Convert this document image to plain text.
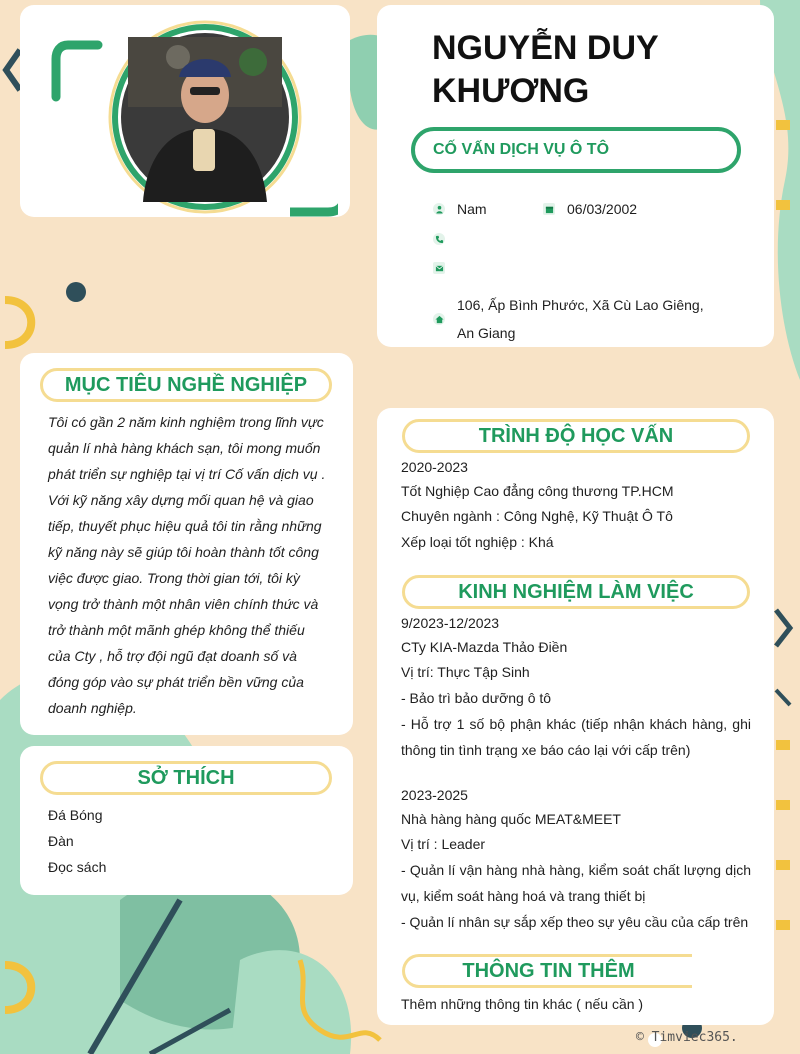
NGUYỄN DUY
KHƯƠNG
CỐ VẤN DỊCH VỤ Ô TÔ
Nam	06/03/2002
106, Ấp Bình Phước, Xã Cù Lao Giêng,
An Giang
MỤC TIÊU NGHỀ NGHIỆP
Tôi có gần 2 năm kinh nghiệm trong lĩnh vực
quản lí nhà hàng khách sạn, tôi mong muốn
phát triển sự nghiệp tại vị trí Cố vấn dịch vụ .
Với kỹ năng xây dựng mối quan hệ và giao
tiếp, thuyết phục hiệu quả tôi tin rằng những
kỹ năng này sẽ giúp tôi hoàn thành tốt công
việc được giao. Trong thời gian tới, tôi kỳ
vọng trở thành một nhân viên chính thức và
trở thành một mãnh ghép không thể thiếu
của Cty , hỗ trợ đội ngũ đạt doanh số và
đóng góp vào sự phát triển bền vững của
doanh nghiệp.
SỞ THÍCH
Đá Bóng
Đàn
Đọc sách
TRÌNH ĐỘ HỌC VẤN
2020-2023
Tốt Nghiệp Cao đẳng công thương TP.HCM
Chuyên ngành : Công Nghệ, Kỹ Thuật Ô Tô
Xếp loại tốt nghiệp : Khá
KINH NGHIỆM LÀM VIỆC
9/2023-12/2023
CTy KIA-Mazda Thảo Điền
Vị trí: Thực Tập Sinh
- Bảo trì bảo dưỡng ô tô
- Hỗ trợ 1 số bộ phận khác (tiếp nhận khách hàng, ghi
thông tin tình trạng xe báo cáo lại với cấp trên)
2023-2025
Nhà hàng hàng quốc MEAT&MEET
Vị trí : Leader
- Quản lí vận hàng nhà hàng, kiểm soát chất lượng dịch
vụ, kiểm soát hàng hoá và trang thiết bị
- Quản lí nhân sự sắp xếp theo sự yêu cầu của cấp trên
THÔNG TIN THÊM
Thêm những thông tin khác ( nếu cần )
© Timviec365.
